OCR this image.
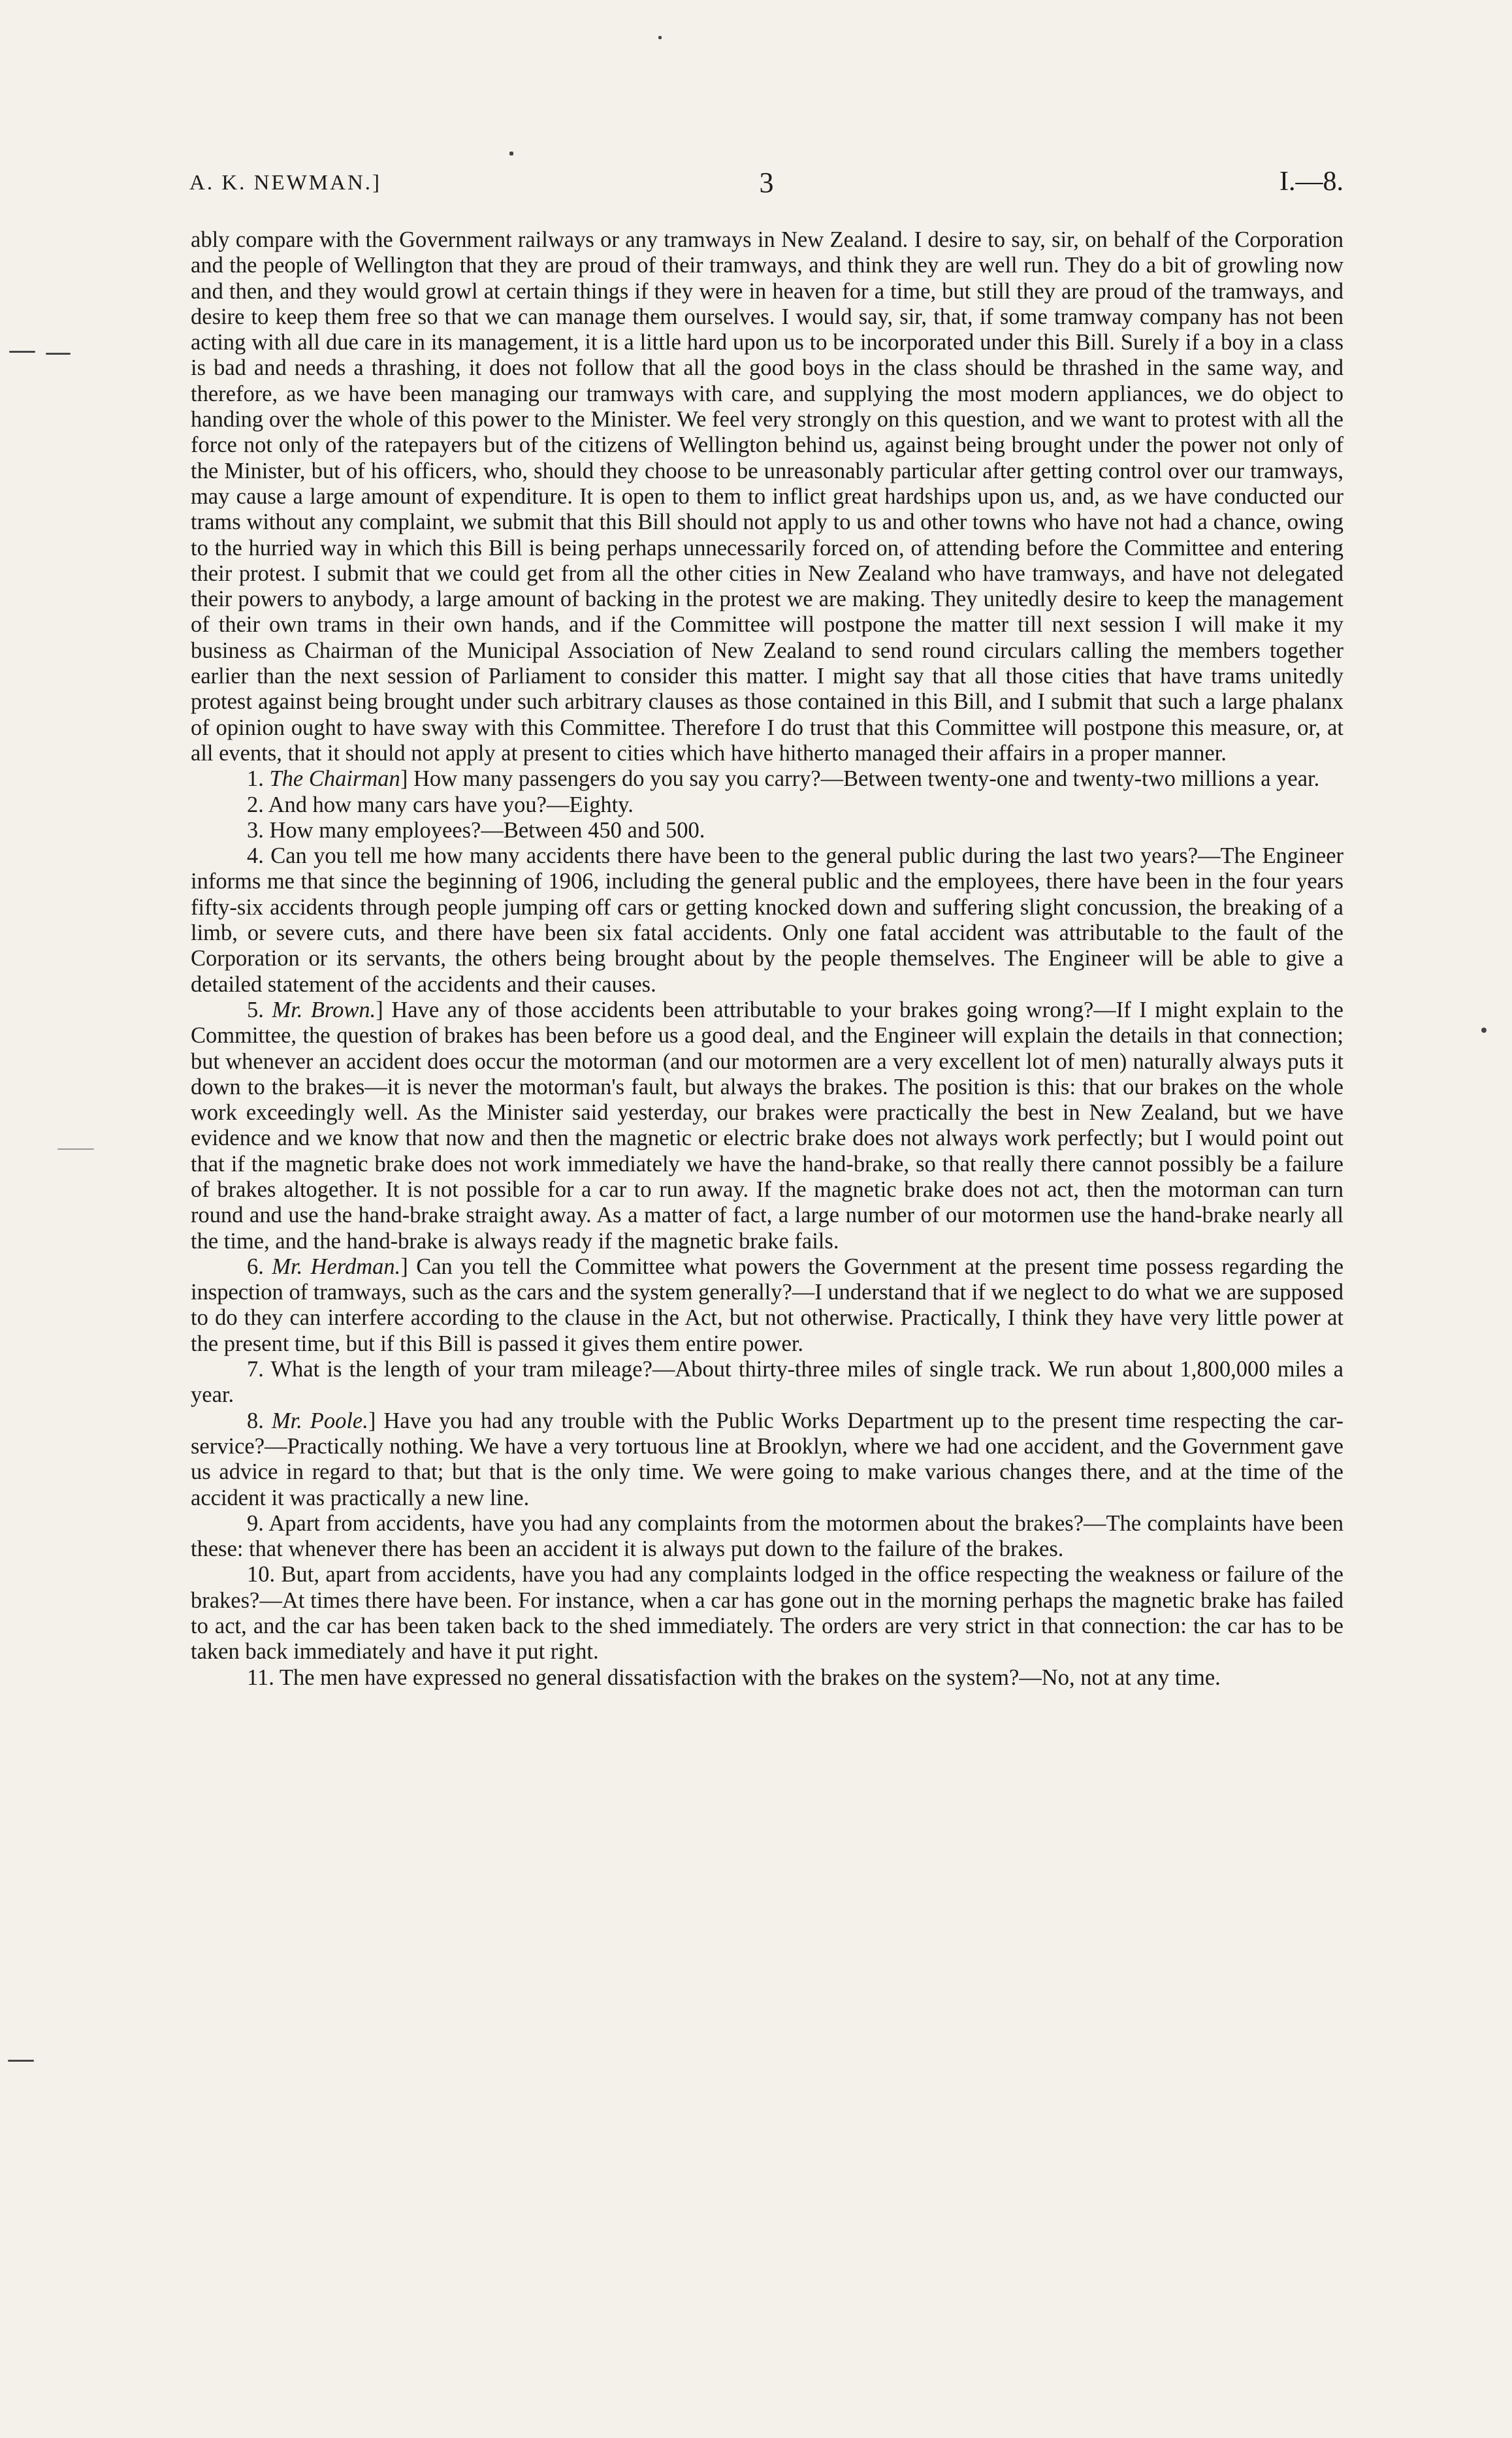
A. K. NEWMAN.]	3	I.—8.

ably compare with the Government railways or any tramways in New Zealand. I desire to say, sir, on behalf of the Corporation and the people of Wellington that they are proud of their tramways, and think they are well run. They do a bit of growling now and then, and they would growl at certain things if they were in heaven for a time, but still they are proud of the tramways, and desire to keep them free so that we can manage them ourselves. I would say, sir, that, if some tramway company has not been acting with all due care in its management, it is a little hard upon us to be incorporated under this Bill. Surely if a boy in a class is bad and needs a thrashing, it does not follow that all the good boys in the class should be thrashed in the same way, and therefore, as we have been managing our tramways with care, and supplying the most modern appliances, we do object to handing over the whole of this power to the Minister. We feel very strongly on this question, and we want to protest with all the force not only of the ratepayers but of the citizens of Wellington behind us, against being brought under the power not only of the Minister, but of his officers, who, should they choose to be unreasonably particular after getting control over our tramways, may cause a large amount of expenditure. It is open to them to inflict great hardships upon us, and, as we have conducted our trams without any complaint, we submit that this Bill should not apply to us and other towns who have not had a chance, owing to the hurried way in which this Bill is being perhaps unnecessarily forced on, of attending before the Committee and entering their protest. I submit that we could get from all the other cities in New Zealand who have tramways, and have not delegated their powers to anybody, a large amount of backing in the protest we are making. They unitedly desire to keep the management of their own trams in their own hands, and if the Committee will postpone the matter till next session I will make it my business as Chairman of the Municipal Association of New Zealand to send round circulars calling the members together earlier than the next session of Parliament to consider this matter. I might say that all those cities that have trams unitedly protest against being brought under such arbitrary clauses as those contained in this Bill, and I submit that such a large phalanx of opinion ought to have sway with this Committee. Therefore I do trust that this Committee will postpone this measure, or, at all events, that it should not apply at present to cities which have hitherto managed their affairs in a proper manner.

1. The Chairman] How many passengers do you say you carry?—Between twenty-one and twenty-two millions a year.

2. And how many cars have you?—Eighty.

3. How many employees?—Between 450 and 500.

4. Can you tell me how many accidents there have been to the general public during the last two years?—The Engineer informs me that since the beginning of 1906, including the general public and the employees, there have been in the four years fifty-six accidents through people jumping off cars or getting knocked down and suffering slight concussion, the breaking of a limb, or severe cuts, and there have been six fatal accidents. Only one fatal accident was attributable to the fault of the Corporation or its servants, the others being brought about by the people themselves. The Engineer will be able to give a detailed statement of the accidents and their causes.

5. Mr. Brown.] Have any of those accidents been attributable to your brakes going wrong?—If I might explain to the Committee, the question of brakes has been before us a good deal, and the Engineer will explain the details in that connection; but whenever an accident does occur the motorman (and our motormen are a very excellent lot of men) naturally always puts it down to the brakes—it is never the motorman's fault, but always the brakes. The position is this: that our brakes on the whole work exceedingly well. As the Minister said yesterday, our brakes were practically the best in New Zealand, but we have evidence and we know that now and then the magnetic or electric brake does not always work perfectly; but I would point out that if the magnetic brake does not work immediately we have the hand-brake, so that really there cannot possibly be a failure of brakes altogether. It is not possible for a car to run away. If the magnetic brake does not act, then the motorman can turn round and use the hand-brake straight away. As a matter of fact, a large number of our motormen use the hand-brake nearly all the time, and the hand-brake is always ready if the magnetic brake fails.

6. Mr. Herdman.] Can you tell the Committee what powers the Government at the present time possess regarding the inspection of tramways, such as the cars and the system generally?—I understand that if we neglect to do what we are supposed to do they can interfere according to the clause in the Act, but not otherwise. Practically, I think they have very little power at the present time, but if this Bill is passed it gives them entire power.

7. What is the length of your tram mileage?—About thirty-three miles of single track. We run about 1,800,000 miles a year.

8. Mr. Poole.] Have you had any trouble with the Public Works Department up to the present time respecting the car-service?—Practically nothing. We have a very tortuous line at Brooklyn, where we had one accident, and the Government gave us advice in regard to that; but that is the only time. We were going to make various changes there, and at the time of the accident it was practically a new line.

9. Apart from accidents, have you had any complaints from the motormen about the brakes?—The complaints have been these: that whenever there has been an accident it is always put down to the failure of the brakes.

10. But, apart from accidents, have you had any complaints lodged in the office respecting the weakness or failure of the brakes?—At times there have been. For instance, when a car has gone out in the morning perhaps the magnetic brake has failed to act, and the car has been taken back to the shed immediately. The orders are very strict in that connection: the car has to be taken back immediately and have it put right.

11. The men have expressed no general dissatisfaction with the brakes on the system?—No, not at any time.
